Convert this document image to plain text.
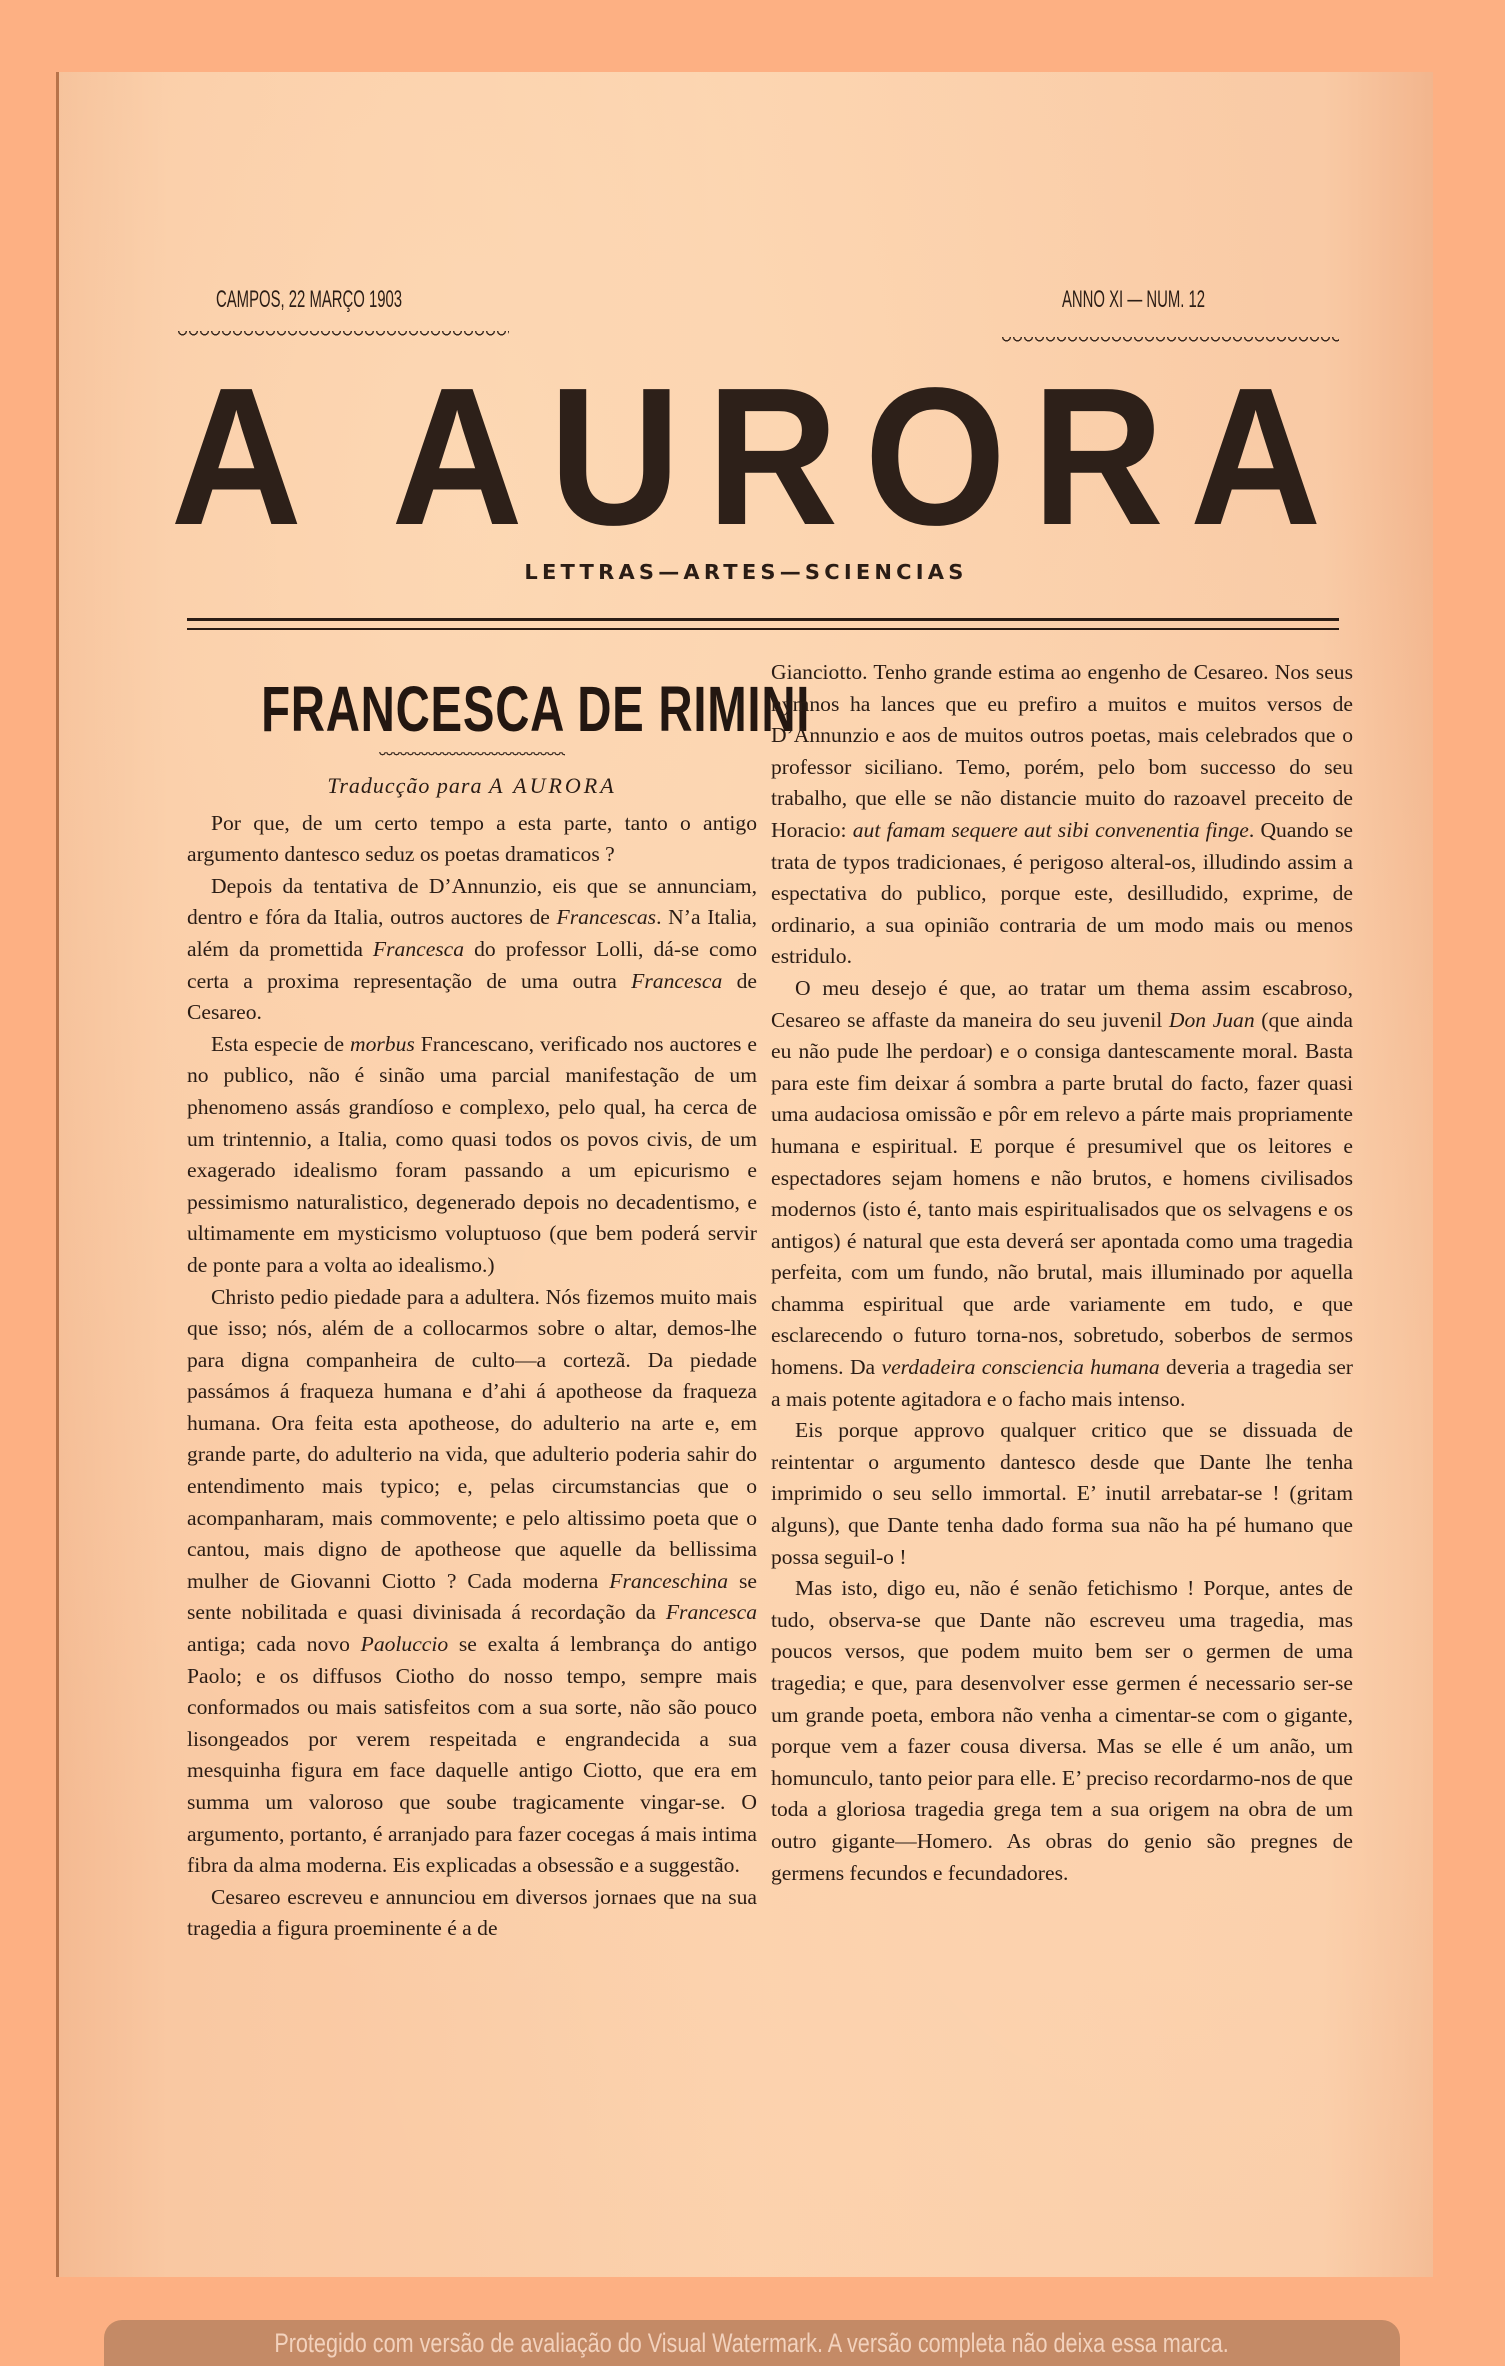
CAMPOS, 22 MARÇO 1903	ANNO XI — NUM. 12
A AURORA
LETTRAS—ARTES—SCIENCIAS
FRANCESCA DE RIMINI
Traducção para A AURORA

Por que, de um certo tempo a esta parte, tanto o antigo argumento dantesco seduz os poetas dramaticos ?

Depois da tentativa de D’Annunzio, eis que se annunciam, dentro e fóra da Italia, outros auctores de Francescas. N’a Italia, além da promettida Francesca do professor Lolli, dá-se como certa a proxima representação de uma outra Francesca de Cesareo.

Esta especie de morbus Francescano, verificado nos auctores e no publico, não é sinão uma parcial manifestação de um phenomeno assás grandíoso e complexo, pelo qual, ha cerca de um trintennio, a Italia, como quasi todos os povos civis, de um exagerado idealismo foram passando a um epicurismo e pessimismo naturalistico, degenerado depois no decadentismo, e ultimamente em mysticismo voluptuoso (que bem poderá servir de ponte para a volta ao idealismo.)

Christo pedio piedade para a adultera. Nós fizemos muito mais que isso; nós, além de a collocarmos sobre o altar, demos-lhe para digna companheira de culto—a cortezã. Da piedade passámos á fraqueza humana e d’ahi á apotheose da fraqueza humana. Ora feita esta apotheose, do adulterio na arte e, em grande parte, do adulterio na vida, que adulterio poderia sahir do entendimento mais typico; e, pelas circumstancias que o acompanharam, mais commovente; e pelo altissimo poeta que o cantou, mais digno de apotheose que aquelle da bellissima mulher de Giovanni Ciotto ? Cada moderna Franceschina se sente nobilitada e quasi divinisada á recordação da Francesca antiga; cada novo Paoluccio se exalta á lembrança do antigo Paolo; e os diffusos Ciotho do nosso tempo, sempre mais conformados ou mais satisfeitos com a sua sorte, não são pouco lisongeados por verem respeitada e engrandecida a sua mesquinha figura em face daquelle antigo Ciotto, que era em summa um valoroso que soube tragicamente vingar-se. O argumento, portanto, é arranjado para fazer cocegas á mais intima fibra da alma moderna. Eis explicadas a obsessão e a suggestão.

Cesareo escreveu e annunciou em diversos jornaes que na sua tragedia a figura proeminente é a de

Gianciotto. Tenho grande estima ao engenho de Cesareo. Nos seus hymnos ha lances que eu prefiro a muitos e muitos versos de D’Annunzio e aos de muitos outros poetas, mais celebrados que o professor siciliano. Temo, porém, pelo bom successo do seu trabalho, que elle se não distancie muito do razoavel preceito de Horacio: aut famam sequere aut sibi convenentia finge. Quando se trata de typos tradicionaes, é perigoso alteral-os, illudindo assim a espectativa do publico, porque este, desilludido, exprime, de ordinario, a sua opinião contraria de um modo mais ou menos estridulo.

O meu desejo é que, ao tratar um thema assim escabroso, Cesareo se affaste da maneira do seu juvenil Don Juan (que ainda eu não pude lhe perdoar) e o consiga dantescamente moral. Basta para este fim deixar á sombra a parte brutal do facto, fazer quasi uma audaciosa omissão e pôr em relevo a párte mais propriamente humana e espiritual. E porque é presumivel que os leitores e espectadores sejam homens e não brutos, e homens civilisados modernos (isto é, tanto mais espiritualisados que os selvagens e os antigos) é natural que esta deverá ser apontada como uma tragedia perfeita, com um fundo, não brutal, mais illuminado por aquella chamma espiritual que arde variamente em tudo, e que esclarecendo o futuro torna-nos, sobretudo, soberbos de sermos homens. Da verdadeira consciencia humana deveria a tragedia ser a mais potente agitadora e o facho mais intenso.

Eis porque approvo qualquer critico que se dissuada de reintentar o argumento dantesco desde que Dante lhe tenha imprimido o seu sello immortal. E’ inutil arrebatar-se ! (gritam alguns), que Dante tenha dado forma sua não ha pé humano que possa seguil-o !

Mas isto, digo eu, não é senão fetichismo ! Porque, antes de tudo, observa-se que Dante não escreveu uma tragedia, mas poucos versos, que podem muito bem ser o germen de uma tragedia; e que, para desenvolver esse germen é necessario ser-se um grande poeta, embora não venha a cimentar-se com o gigante, porque vem a fazer cousa diversa. Mas se elle é um anão, um homunculo, tanto peior para elle. E’ preciso recordarmo-nos de que toda a gloriosa tragedia grega tem a sua origem na obra de um outro gigante—Homero. As obras do genio são pregnes de germens fecundos e fecundadores.

Protegido com versão de avaliação do Visual Watermark. A versão completa não deixa essa marca.
